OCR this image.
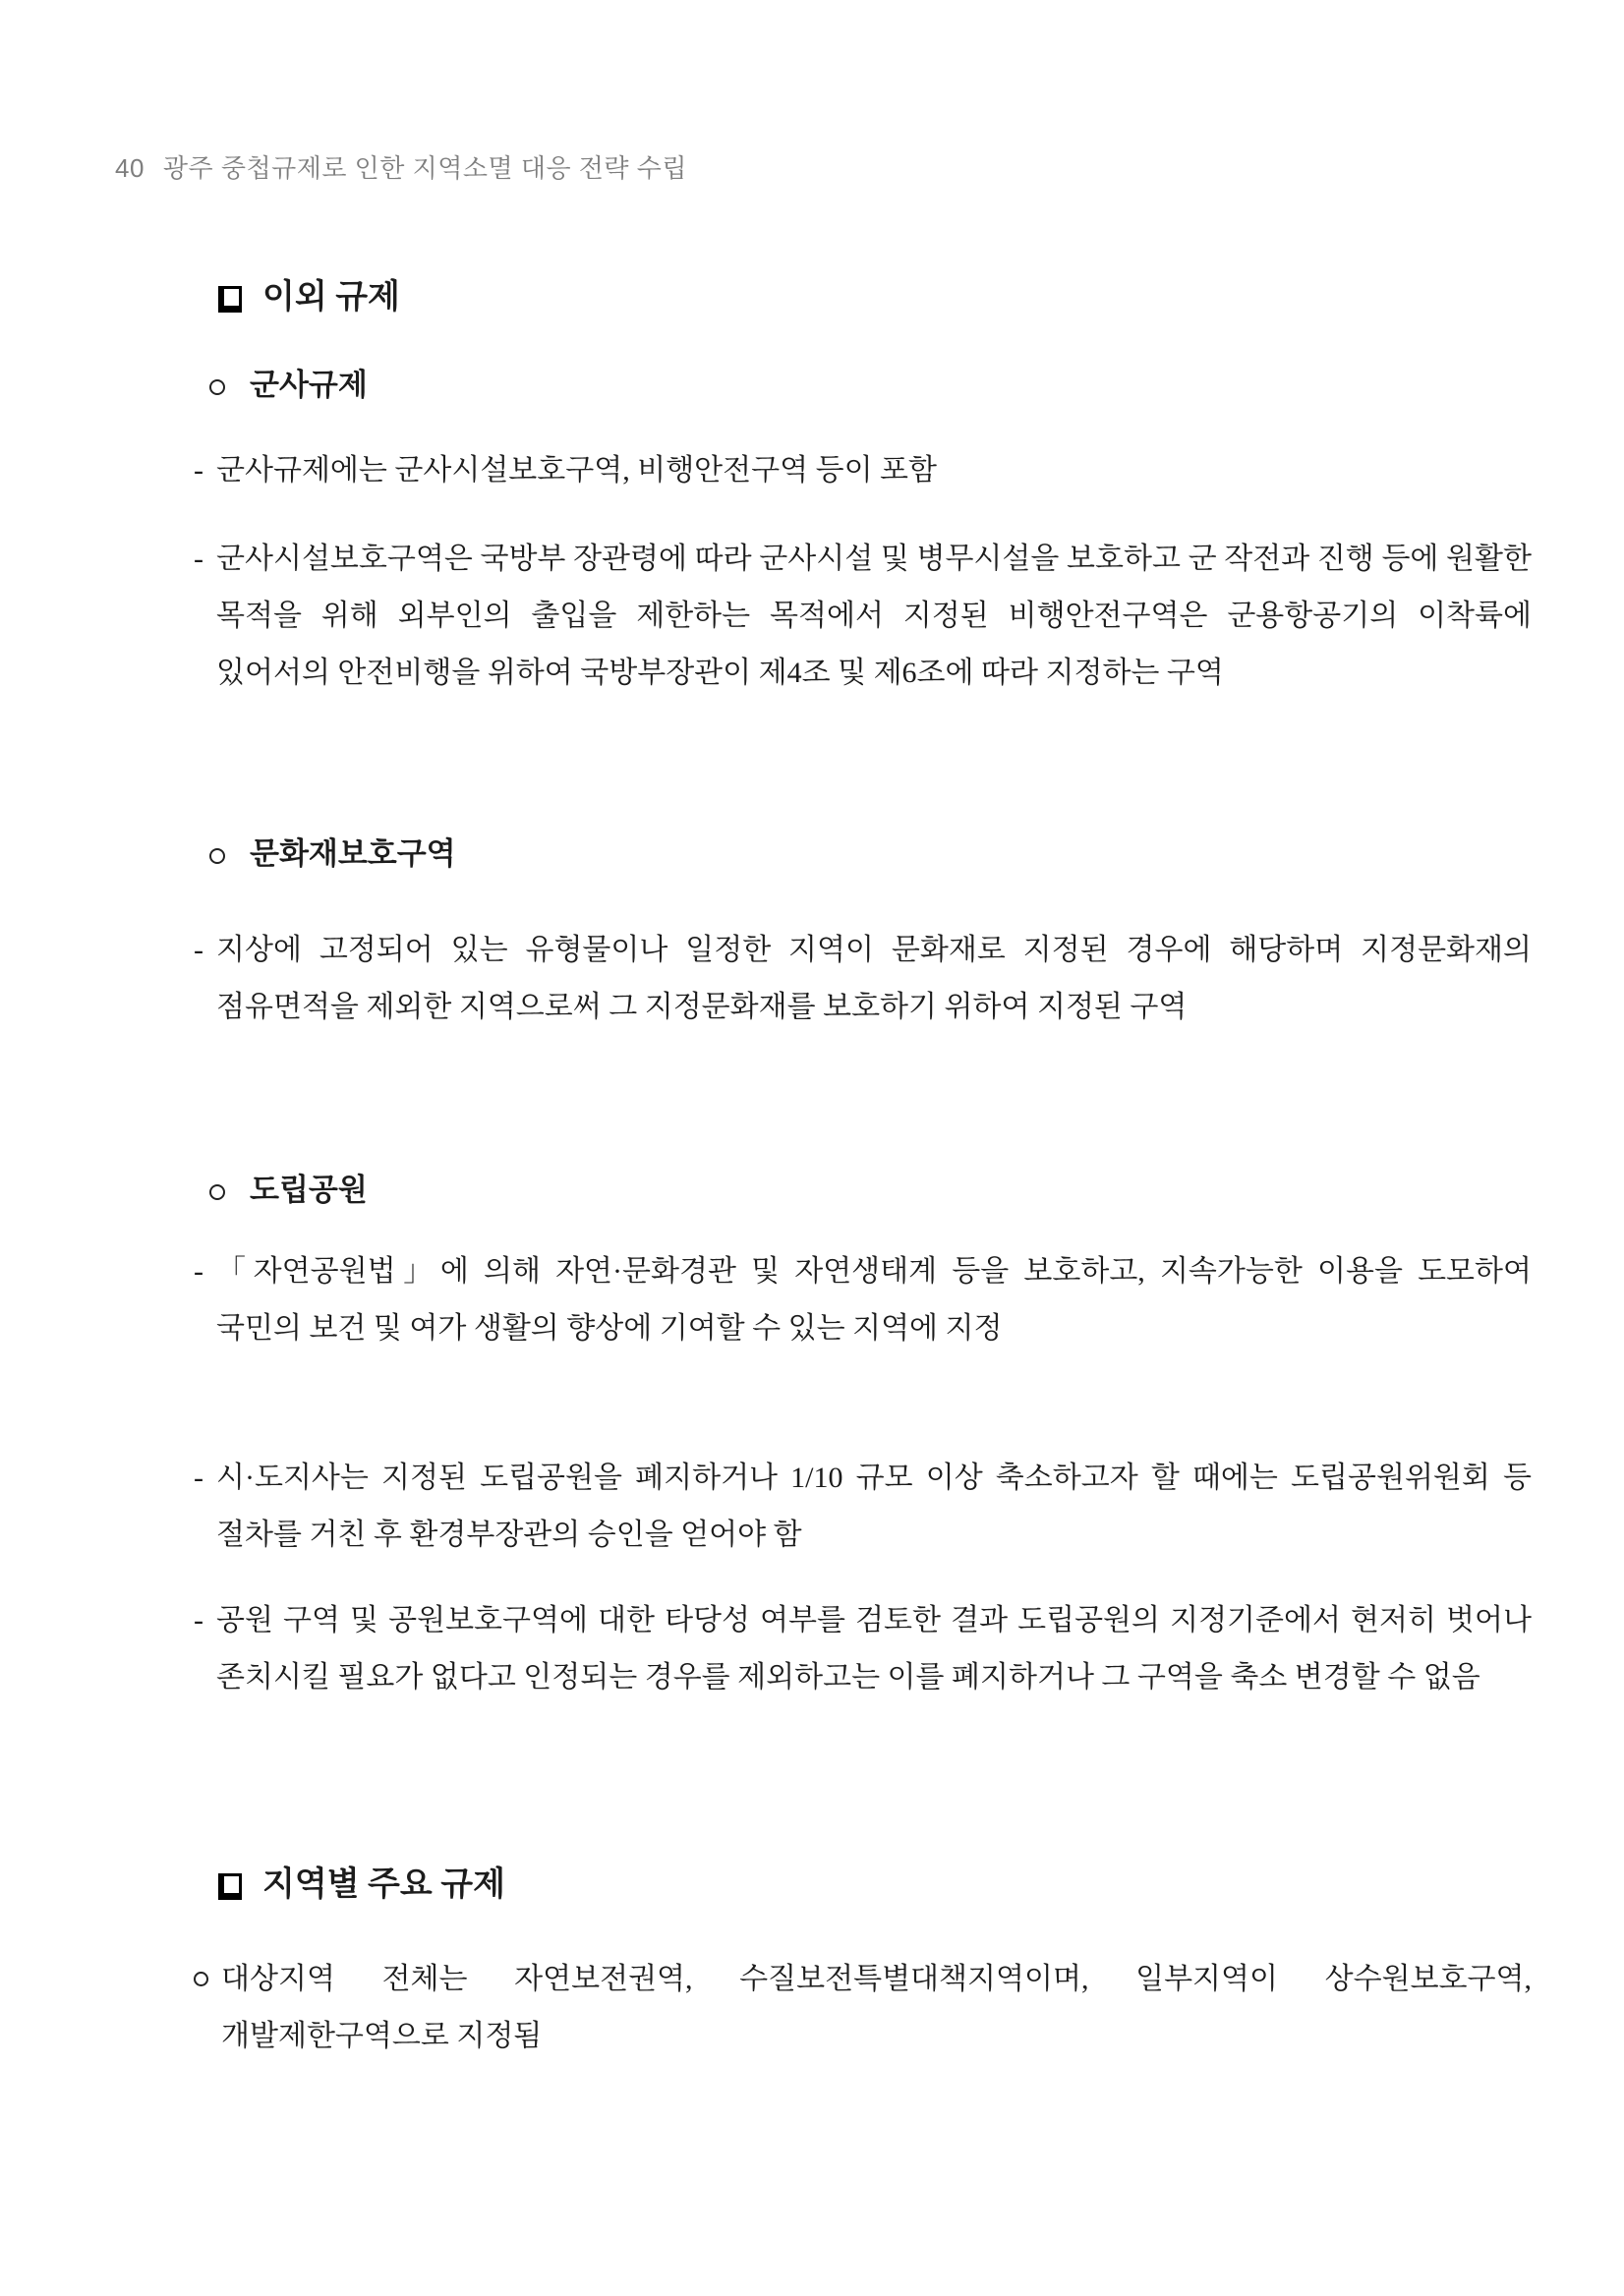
40 광주 중첩규제로 인한 지역소멸 대응 전략 수립
이외 규제
군사규제
- 군사규제에는 군사시설보호구역, 비행안전구역 등이 포함
- 군사시설보호구역은 국방부 장관령에 따라 군사시설 및 병무시설을 보호하고 군 작전과 진행 등에 원활한 목적을 위해 외부인의 출입을 제한하는 목적에서 지정된 비행안전구역은 군용항공기의 이착륙에 있어서의 안전비행을 위하여 국방부장관이 제4조 및 제6조에 따라 지정하는 구역
문화재보호구역
- 지상에 고정되어 있는 유형물이나 일정한 지역이 문화재로 지정된 경우에 해당하며 지정문화재의 점유면적을 제외한 지역으로써 그 지정문화재를 보호하기 위하여 지정된 구역
도립공원
- 「자연공원법」에 의해 자연·문화경관 및 자연생태계 등을 보호하고, 지속가능한 이용을 도모하여 국민의 보건 및 여가 생활의 향상에 기여할 수 있는 지역에 지정
- 시·도지사는 지정된 도립공원을 폐지하거나 1/10 규모 이상 축소하고자 할 때에는 도립공원위원회 등 절차를 거친 후 환경부장관의 승인을 얻어야 함
- 공원 구역 및 공원보호구역에 대한 타당성 여부를 검토한 결과 도립공원의 지정기준에서 현저히 벗어나 존치시킬 필요가 없다고 인정되는 경우를 제외하고는 이를 폐지하거나 그 구역을 축소 변경할 수 없음
지역별 주요 규제
대상지역 전체는 자연보전권역, 수질보전특별대책지역이며, 일부지역이 상수원보호구역, 개발제한구역으로 지정됨
